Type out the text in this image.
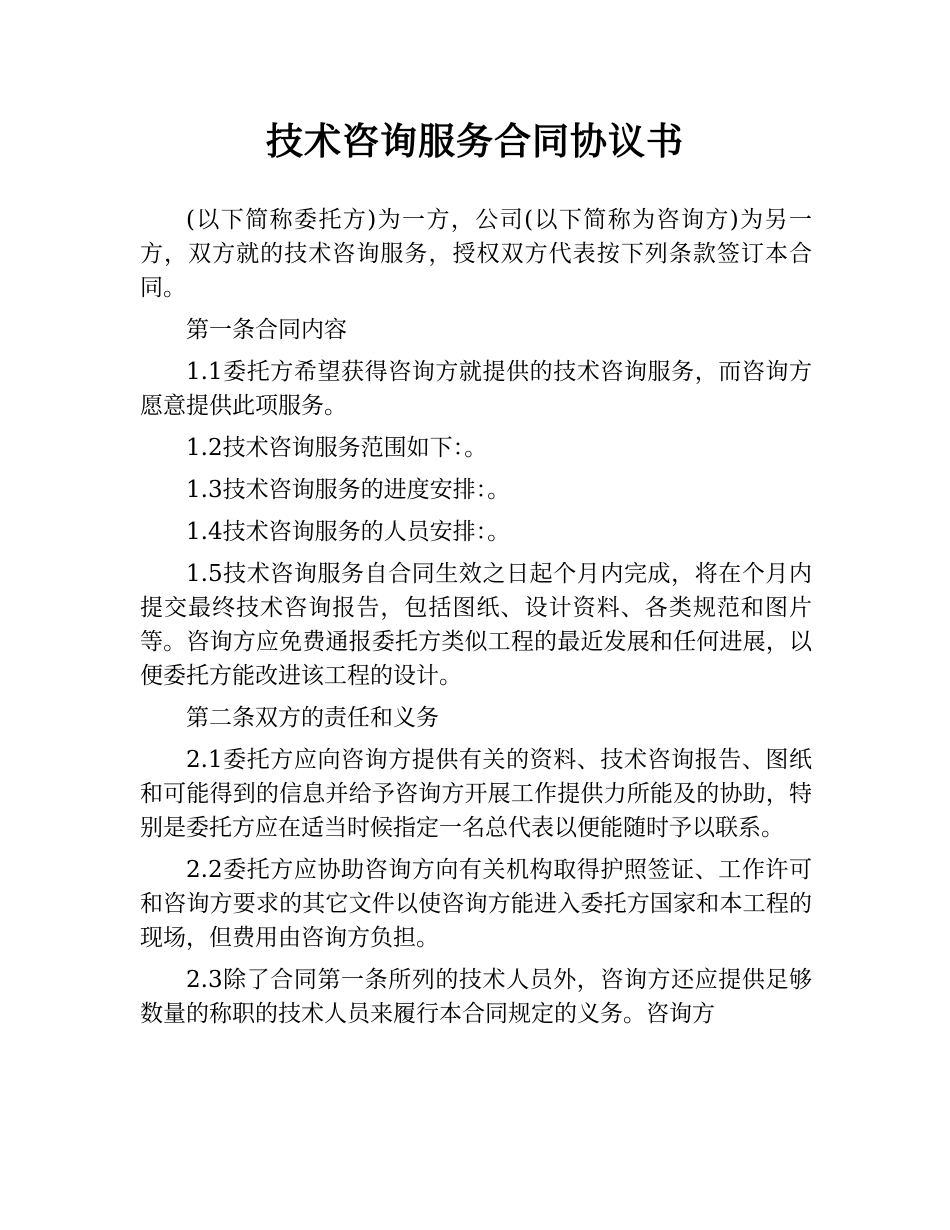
技术咨询服务合同协议书

(以下简称委托方)为一方，公司(以下简称为咨询方)为另一方，双方就的技术咨询服务，授权双方代表按下列条款签订本合同。

第一条合同内容

1.1委托方希望获得咨询方就提供的技术咨询服务，而咨询方愿意提供此项服务。

1.2技术咨询服务范围如下：。

1.3技术咨询服务的进度安排：。

1.4技术咨询服务的人员安排：。

1.5技术咨询服务自合同生效之日起个月内完成，将在个月内提交最终技术咨询报告，包括图纸、设计资料、各类规范和图片等。咨询方应免费通报委托方类似工程的最近发展和任何进展，以便委托方能改进该工程的设计。

第二条双方的责任和义务

2.1委托方应向咨询方提供有关的资料、技术咨询报告、图纸和可能得到的信息并给予咨询方开展工作提供力所能及的协助，特别是委托方应在适当时候指定一名总代表以便能随时予以联系。

2.2委托方应协助咨询方向有关机构取得护照签证、工作许可和咨询方要求的其它文件以使咨询方能进入委托方国家和本工程的现场，但费用由咨询方负担。

2.3除了合同第一条所列的技术人员外，咨询方还应提供足够数量的称职的技术人员来履行本合同规定的义务。咨询方
